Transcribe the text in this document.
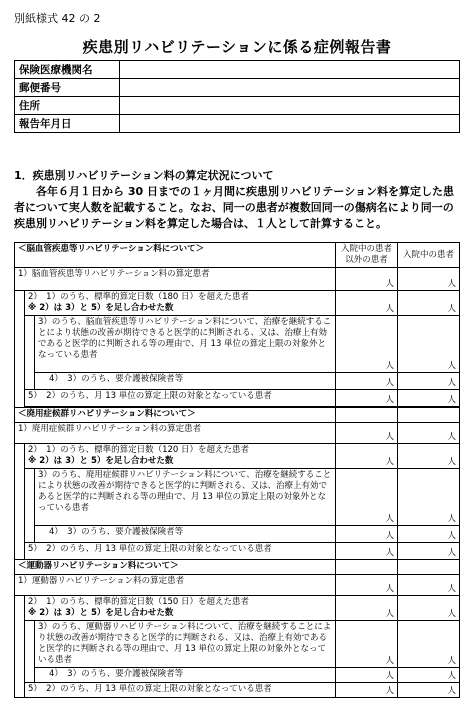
別紙様式 42 の 2
疾患別リハビリテーションに係る症例報告書
保険医療機関名	
郵便番号	
住所	
報告年月日	
1．疾患別リハビリテーション料の算定状況について
各年６月１日から 30 日までの１ヶ月間に疾患別リハビリテーション料を算定した患者について実人数を記載すること。なお、同一の患者が複数回同一の傷病名により同一の疾患別リハビリテーション料を算定した場合は、１人として計算すること。
＜脳血管疾患等リハビリテーション料について＞			入院中の患者以外の患者	入院中の患者
1）脳血管疾患等リハビリテーション料の算定患者			人	人
	2）　1）のうち、標準的算定日数（180 日）を超えた患者
※ 2）は 3）と 5）を足し合わせた数		人	人
		3）のうち、脳血管疾患等リハビリテーション料について、治療を継続することにより状態の改善が期待できると医学的に判断される、又は、治療上有効であると医学的に判断される等の理由で、月 13 単位の算定上限の対象外となっている患者	人	人
		4）　3）のうち、要介護被保険者等	人	人
	5）　2）のうち、月 13 単位の算定上限の対象となっている患者		人	人

＜廃用症候群リハビリテーション料について＞				
1）廃用症候群リハビリテーション料の算定患者			人	人
	2）　1）のうち、標準的算定日数（120 日）を超えた患者
※ 2）は 3）と 5）を足し合わせた数		人	人
		3）のうち、廃用症候群リハビリテーション料について、治療を継続することにより状態の改善が期待できると医学的に判断される、又は、治療上有効であると医学的に判断される等の理由で、月 13 単位の算定上限の対象外となっている患者	人	人
		4）　3）のうち、要介護被保険者等	人	人
	5）　2）のうち、月 13 単位の算定上限の対象となっている患者		人	人
＜運動器リハビリテーション料について＞				
1）運動器リハビリテーション料の算定患者			人	人
	2）　1）のうち、標準的算定日数（150 日）を超えた患者
※ 2）は 3）と 5）を足し合わせた数		人	人
		3）のうち、運動器リハビリテーション料について、治療を継続することにより状態の改善が期待できると医学的に判断される、又は、治療上有効であると医学的に判断される等の理由で、月 13 単位の算定上限の対象外となっている患者	人	人
		4）　3）のうち、要介護被保険者等	人	人
	5）　2）のうち、月 13 単位の算定上限の対象となっている患者		人	人
